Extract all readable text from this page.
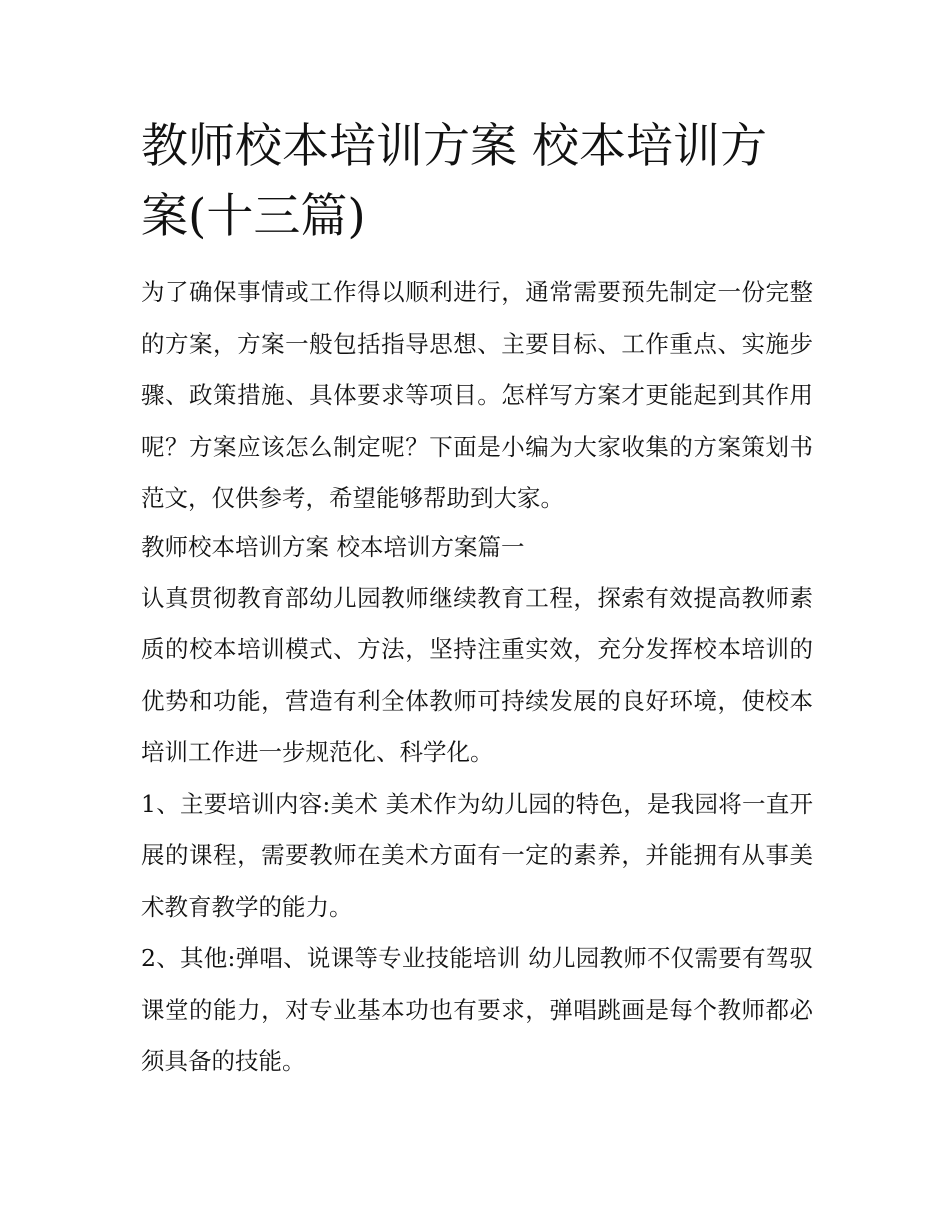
教师校本培训方案 校本培训方案(十三篇)

为了确保事情或工作得以顺利进行，通常需要预先制定一份完整的方案，方案一般包括指导思想、主要目标、工作重点、实施步骤、政策措施、具体要求等项目。怎样写方案才更能起到其作用呢？方案应该怎么制定呢？下面是小编为大家收集的方案策划书范文，仅供参考，希望能够帮助到大家。

教师校本培训方案 校本培训方案篇一

认真贯彻教育部幼儿园教师继续教育工程，探索有效提高教师素质的校本培训模式、方法，坚持注重实效，充分发挥校本培训的优势和功能，营造有利全体教师可持续发展的良好环境，使校本培训工作进一步规范化、科学化。

1、主要培训内容:美术 美术作为幼儿园的特色，是我园将一直开展的课程，需要教师在美术方面有一定的素养，并能拥有从事美术教育教学的能力。

2、其他:弹唱、说课等专业技能培训 幼儿园教师不仅需要有驾驭课堂的能力，对专业基本功也有要求，弹唱跳画是每个教师都必须具备的技能。
